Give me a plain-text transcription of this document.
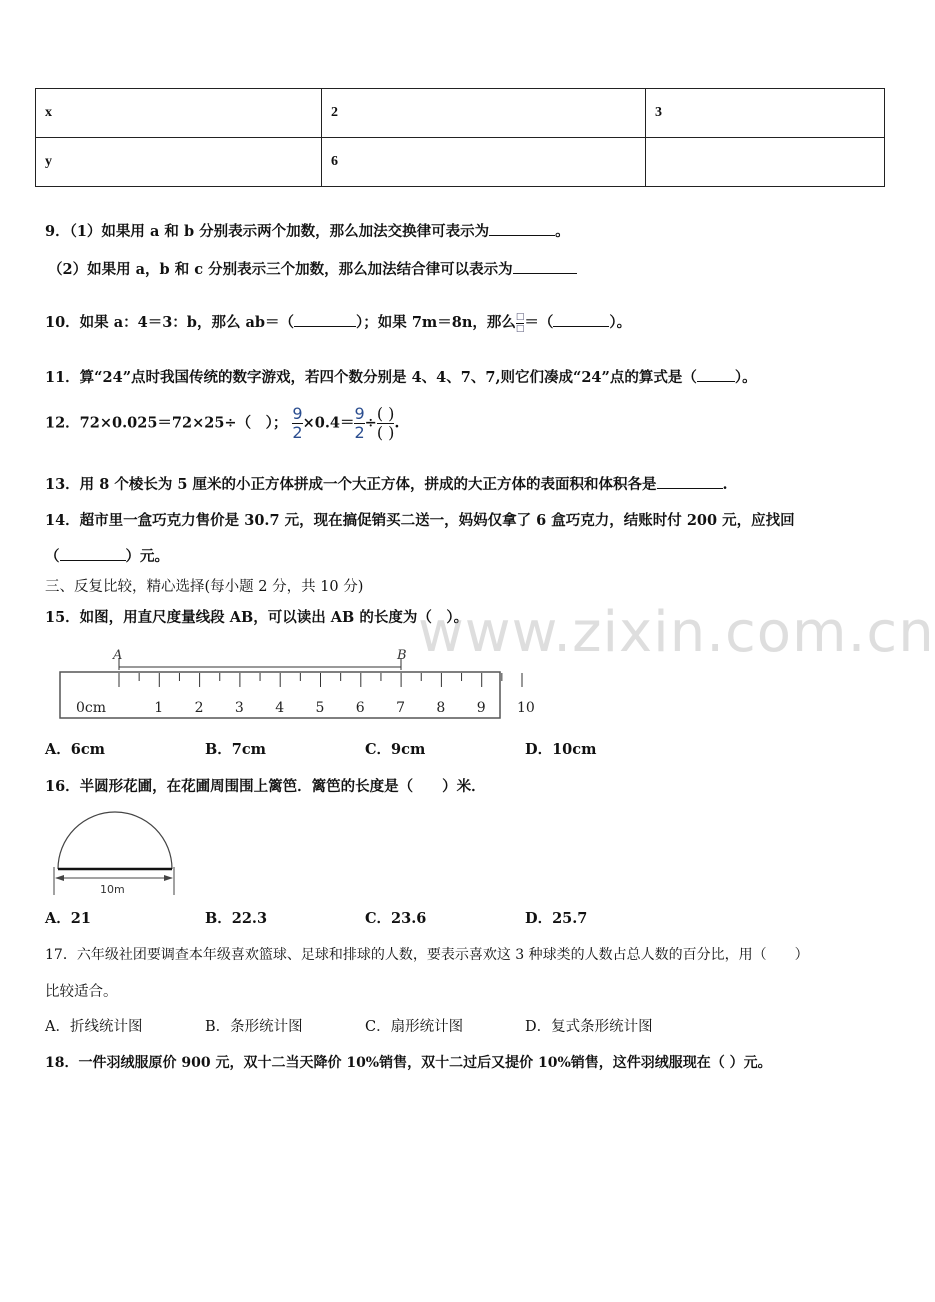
x	2	3
y	6	
9．（1）如果用 a 和 b 分别表示两个加数，那么加法交换律可表示为	。
（2）如果用 a，b 和 c 分别表示三个加数，那么加法结合律可以表示为
10．如果 a：4＝3：b，那么 ab＝（	）；如果 7m＝8n，那么 $\frac{□}{□}$ ＝（	）。
11．算“24”点时我国传统的数字游戏，若四个数分别是 4、4、7、7,则它们凑成“24”点的算式是（	）。
12．72×0.025＝72×25÷（　）； $\frac{9}{2} \times 0.4= \frac{9}{2} \div \frac{( )}{( )}$ .
13．用 8 个棱长为 5 厘米的小正方体拼成一个大正方体，拼成的大正方体的表面积和体积各是	.
14．超市里一盒巧克力售价是 30.7 元，现在搞促销买二送一，妈妈仅拿了 6 盒巧克力，结账时付 200 元，应找回
（	）元。
三、反复比较，精心选择(每小题 2 分，共 10 分)
15．如图，用直尺度量线段 AB，可以读出 AB 的长度为（　）。
www.zixin.com.cn
A	B
0cm	1 2 3 4 5 6 7 8 9 10
A．6cm	B．7cm	C．9cm	D．10cm
16．半圆形花圃，在花圃周围围上篱笆．篱笆的长度是（　　）米．
10m
A．21	B．22.3	C．23.6	D．25.7
17．六年级社团要调查本年级喜欢篮球、足球和排球的人数，要表示喜欢这 3 种球类的人数占总人数的百分比，用（　　）
比较适合。
A．折线统计图	B．条形统计图	C．扇形统计图	D．复式条形统计图
18．一件羽绒服原价 900 元，双十二当天降价 10%销售，双十二过后又提价 10%销售，这件羽绒服现在（ ）元。
